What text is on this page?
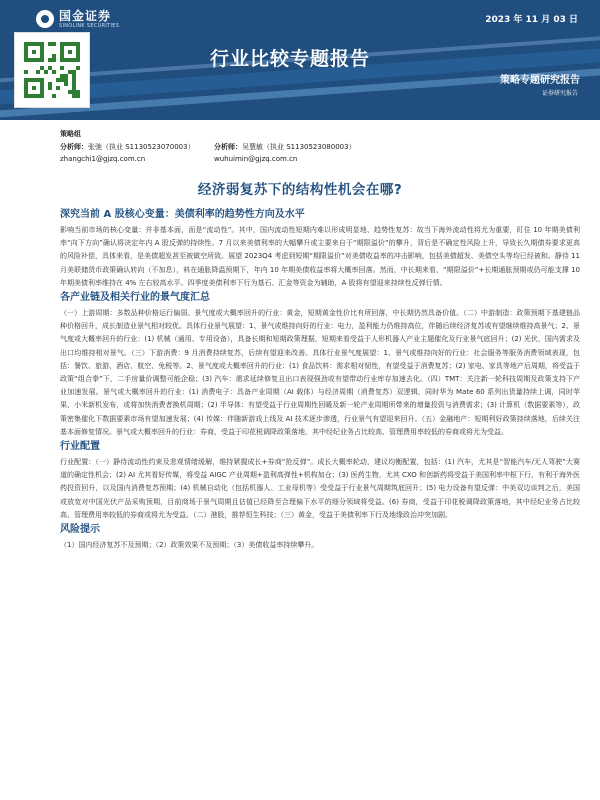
国金证券
SINOLINK SECURITIES
2023 年 11 月 03 日
行业比较专题报告
策略专题研究报告
证券研究报告
策略组
分析师：张弛（执业 S1130523070003）
zhangchi1@gjzq.com.cn
分析师：吴慧敏（执业 S1130523080003）
wuhuimin@gjzq.com.cn
经济弱复苏下的结构性机会在哪?
深究当前 A 股核心变量：美债利率的趋势性方向及水平

影响当前市场的核心变量：并非基本面，而是“流动性”。其中，国内流动性短期内难以形成明显地、趋势性复苏：故当下海外流动性将尤为重要，盯住 10 年期美债利率“向下方向”确认将决定年内 A 股反弹的持续性。7 月以来美债利率的大幅攀升或主要来自于“期限溢价”的攀升，背后是不确定性风险上升，导致长久期债券要求更高的风险补偿，具体来看，是美债超发甚至被做空所致。展望 2023Q4 考虑到短期“期限溢价”对美债收益率的冲击影响，包括美债超发、美债空头等均已经被和。静待 11 月美联储货币政策确认转向（不加息），料在通胀降温预期下，年内 10 年期美债收益率将大概率回落。然而，中长期来看，“期限溢价”+长期通胀预期或仍可能支撑 10 年期美债利率维持在 4% 左右较高水平。四季度美债利率下行为基石、汇金等资金为辅助，A 股将有望迎来持续性反弹行情。

各产业链及相关行业的景气度汇总

（一）上游周期：多数品种价格运行偏弱。景气度或大概率回升的行业：黄金，短期黄金性价比有所回落，中长期仍然具备价值。（二）中游制造：政策预期下基建链品种价格回升，成长制造业景气相对较优。具体行业景气展望：1、景气或维持向好的行业：电力，盈利能力仍维持高位，伴随后续经济复苏或有望继续维持高景气；2、景气度或大概率回升的行业：(1) 机械（通用、专用设备），具备长期和短期政策理据，短期来看受益于人形机器人产业主题催化及行业景气底回升；(2) 光伏，国内需求及出口均维持相对景气。（三）下游消费：9 月消费持续复苏，后续有望迎来改善。具体行业景气度展望：1、景气或维持向好的行业：社会服务等服务消费领域表现，包括：餐饮、旅游、酒店、航空、免税等。2、景气度或大概率回升的行业：(1) 食品饮料：需求相对韧性，有望受益于消费复苏；(2) 家电、家具等地产后周期，将受益于政策“组合拳”下，二手房量价调整可能企稳；(3) 汽车：需求延续修复且出口表现强劲或有望带动行业库存加速去化。（四）TMT：关注新一轮科技周期及政策支持下产业加速发展。景气或大概率回升的行业：(1) 消费电子：具备产业周期（AI 载体）与经济周期（消费复苏）双逻辑，同时华为 Mate 60 系列出货量持续上调，同时苹果、小米新机发布，或将加快消费者换机周期；(2) 半导体：有望受益于行业周期性回暖及新一轮产业周期所带来的增量投资与消费需求；(3) 计算机（数据要素等），政策密集催化下数据要素市场有望加速发展；(4) 传媒：伴随新游戏上线及 AI 技术逐步渗透，行业景气有望迎来回升。（五）金融地产：短期利好政策持续落地，后续关注基本面修复情况。景气或大概率回升的行业：券商，受益于印花税调降政策落地，其中经纪业务占比较高、管理费用率较低的券商或将尤为受益。

行业配置

行业配置：（一）静待流动性约束及悲观情绪缓解，维持紧握成长+券商“抢反弹”。成长大概率轮动，建议均衡配置，包括：(1) 汽车，尤其是“智能汽车/无人驾驶”大赛道的确定性机会；(2) AI 尤其看好传媒，将受益 AIGC 产业周期+盈利高弹性+机构加仓；(3) 医药生物，尤其 CXO 和创新药将受益于美国利率中枢下行，有利于海外医药投资回升，以及国内消费复苏预期；(4) 机械自动化（包括机器人、工业母机等）受受益于行业景气周期筑底回升；(5) 电力设备有望反弹：中美双边谈判之后，美国或放宽对中国光伏产品采购预期，目前商场于景气周期且估值已经降至合理偏下水平的细分领域将受益。(6) 券商，受益于印花税调降政策落地，其中经纪业务占比较高、管理费用率较低的券商或将尤为受益。（二）港股，推荐恒生科技；（三）黄金，受益于美债利率下行及地缘政治冲突加剧。

风险提示

（1）国内经济复苏不及预期；（2）政策效果不及预期；（3）美债收益率持续攀升。
